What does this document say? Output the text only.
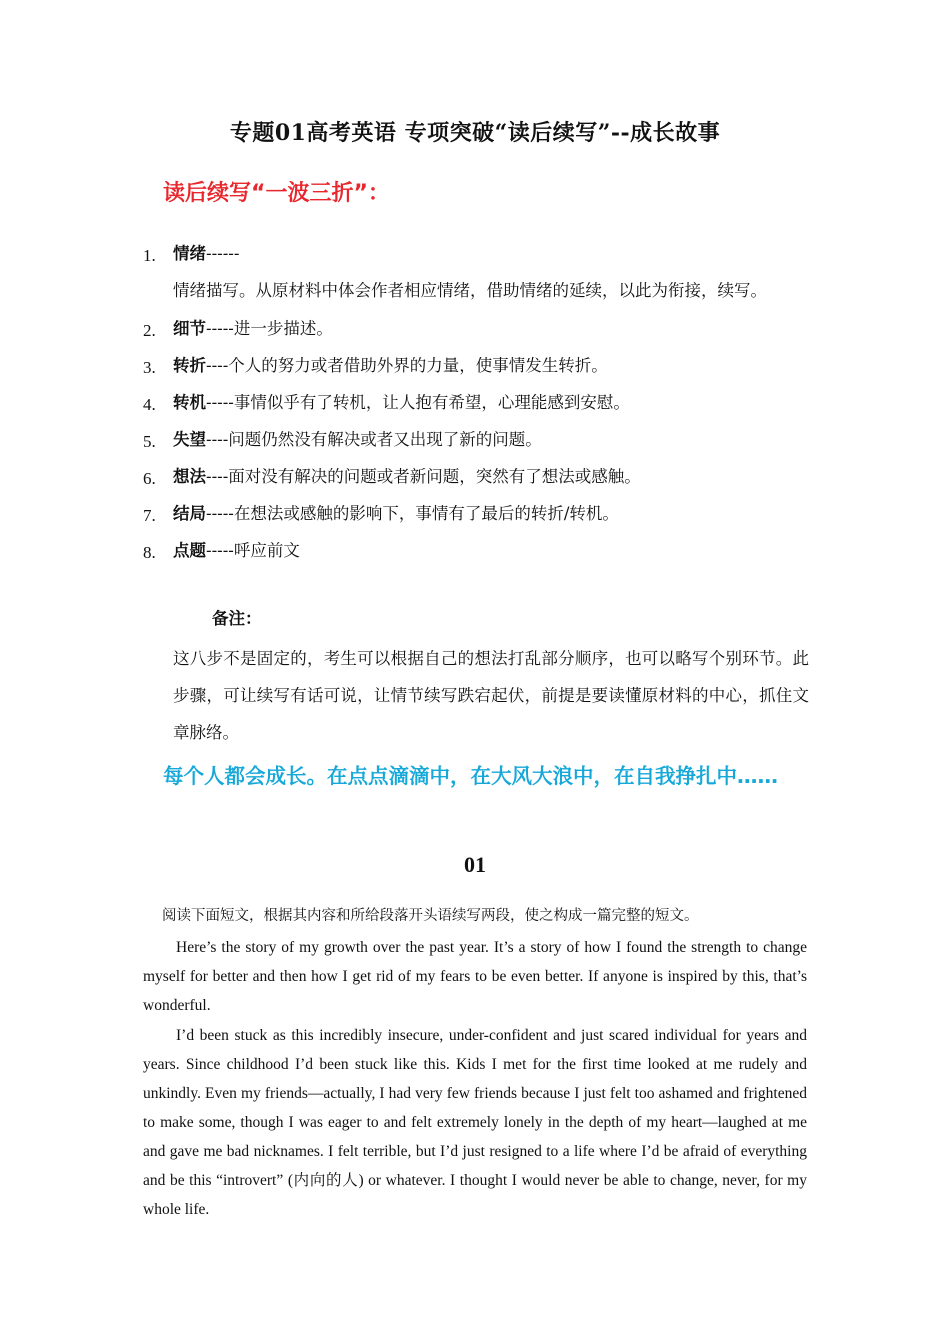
专题01高考英语 专项突破“读后续写”--成长故事
读后续写“一波三折”：
1. 情绪------
情绪描写。从原材料中体会作者相应情绪，借助情绪的延续，以此为衔接，续写。
2. 细节-----进一步描述。
3. 转折----个人的努力或者借助外界的力量，使事情发生转折。
4. 转机-----事情似乎有了转机，让人抱有希望，心理能感到安慰。
5. 失望----问题仍然没有解决或者又出现了新的问题。
6. 想法----面对没有解决的问题或者新问题，突然有了想法或感触。
7. 结局-----在想法或感触的影响下，事情有了最后的转折/转机。
8. 点题-----呼应前文
备注：
这八步不是固定的，考生可以根据自己的想法打乱部分顺序，也可以略写个别环节。此步骤，可让续写有话可说，让情节续写跌宕起伏，前提是要读懂原材料的中心，抓住文章脉络。
每个人都会成长。在点点滴滴中，在大风大浪中，在自我挣扎中……
01
阅读下面短文，根据其内容和所给段落开头语续写两段，使之构成一篇完整的短文。

Here’s the story of my growth over the past year. It’s a story of how I found the strength to change myself for better and then how I get rid of my fears to be even better. If anyone is inspired by this, that’s wonderful.

I’d been stuck as this incredibly insecure, under-confident and just scared individual for years and years. Since childhood I’d been stuck like this. Kids I met for the first time looked at me rudely and unkindly. Even my friends—actually, I had very few friends because I just felt too ashamed and frightened to make some, though I was eager to and felt extremely lonely in the depth of my heart—laughed at me and gave me bad nicknames. I felt terrible, but I’d just resigned to a life where I’d be afraid of everything and be this “introvert” (内向的人) or whatever. I thought I would never be able to change, never, for my whole life.
